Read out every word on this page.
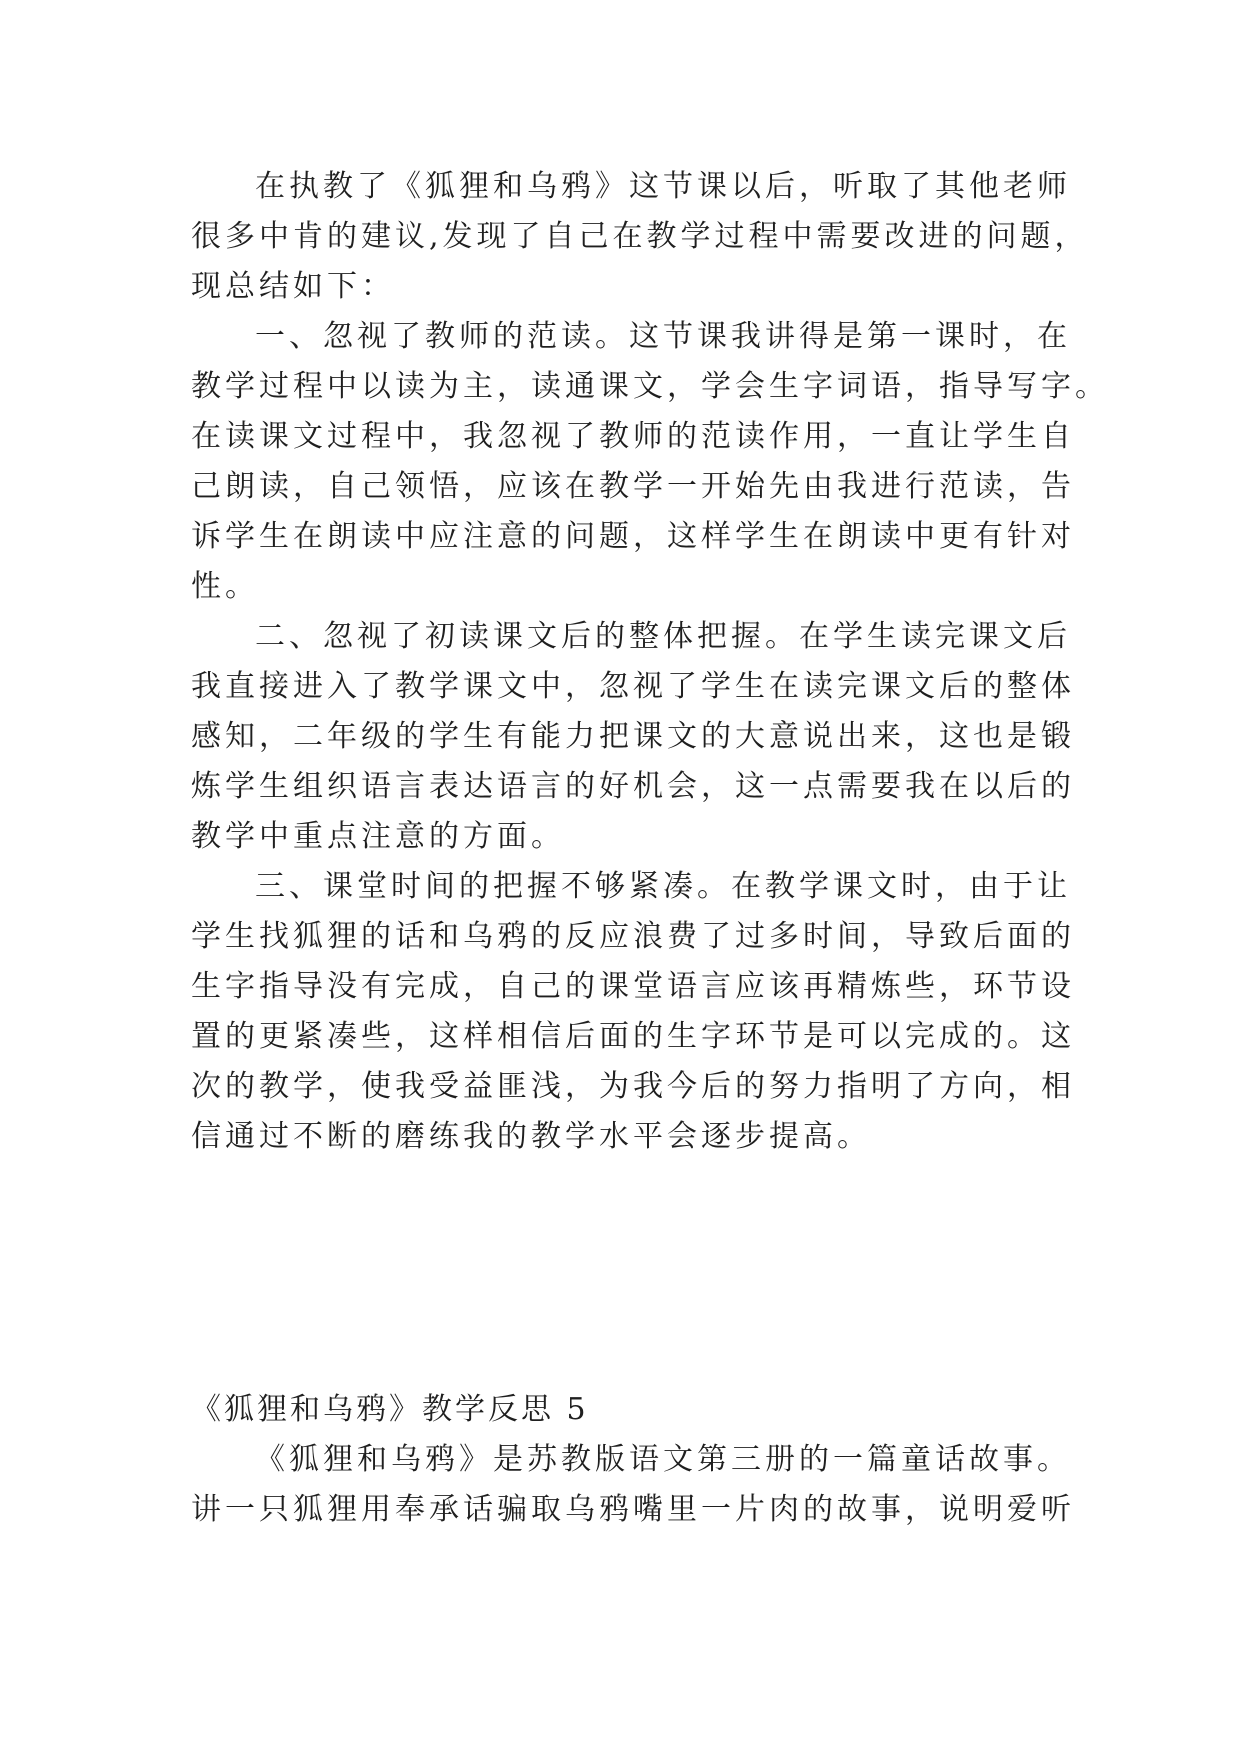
在执教了《狐狸和乌鸦》这节课以后，听取了其他老师
很多中肯的建议,发现了自己在教学过程中需要改进的问题，
现总结如下：
一、忽视了教师的范读。这节课我讲得是第一课时，在
教学过程中以读为主，读通课文，学会生字词语，指导写字。
在读课文过程中，我忽视了教师的范读作用，一直让学生自
己朗读，自己领悟，应该在教学一开始先由我进行范读，告
诉学生在朗读中应注意的问题，这样学生在朗读中更有针对
性。
二、忽视了初读课文后的整体把握。在学生读完课文后
我直接进入了教学课文中，忽视了学生在读完课文后的整体
感知，二年级的学生有能力把课文的大意说出来，这也是锻
炼学生组织语言表达语言的好机会，这一点需要我在以后的
教学中重点注意的方面。
三、课堂时间的把握不够紧凑。在教学课文时，由于让
学生找狐狸的话和乌鸦的反应浪费了过多时间，导致后面的
生字指导没有完成，自己的课堂语言应该再精炼些，环节设
置的更紧凑些，这样相信后面的生字环节是可以完成的。这
次的教学，使我受益匪浅，为我今后的努力指明了方向，相
信通过不断的磨练我的教学水平会逐步提高。
《狐狸和乌鸦》教学反思 5
《狐狸和乌鸦》是苏教版语文第三册的一篇童话故事。
讲一只狐狸用奉承话骗取乌鸦嘴里一片肉的故事，说明爱听
